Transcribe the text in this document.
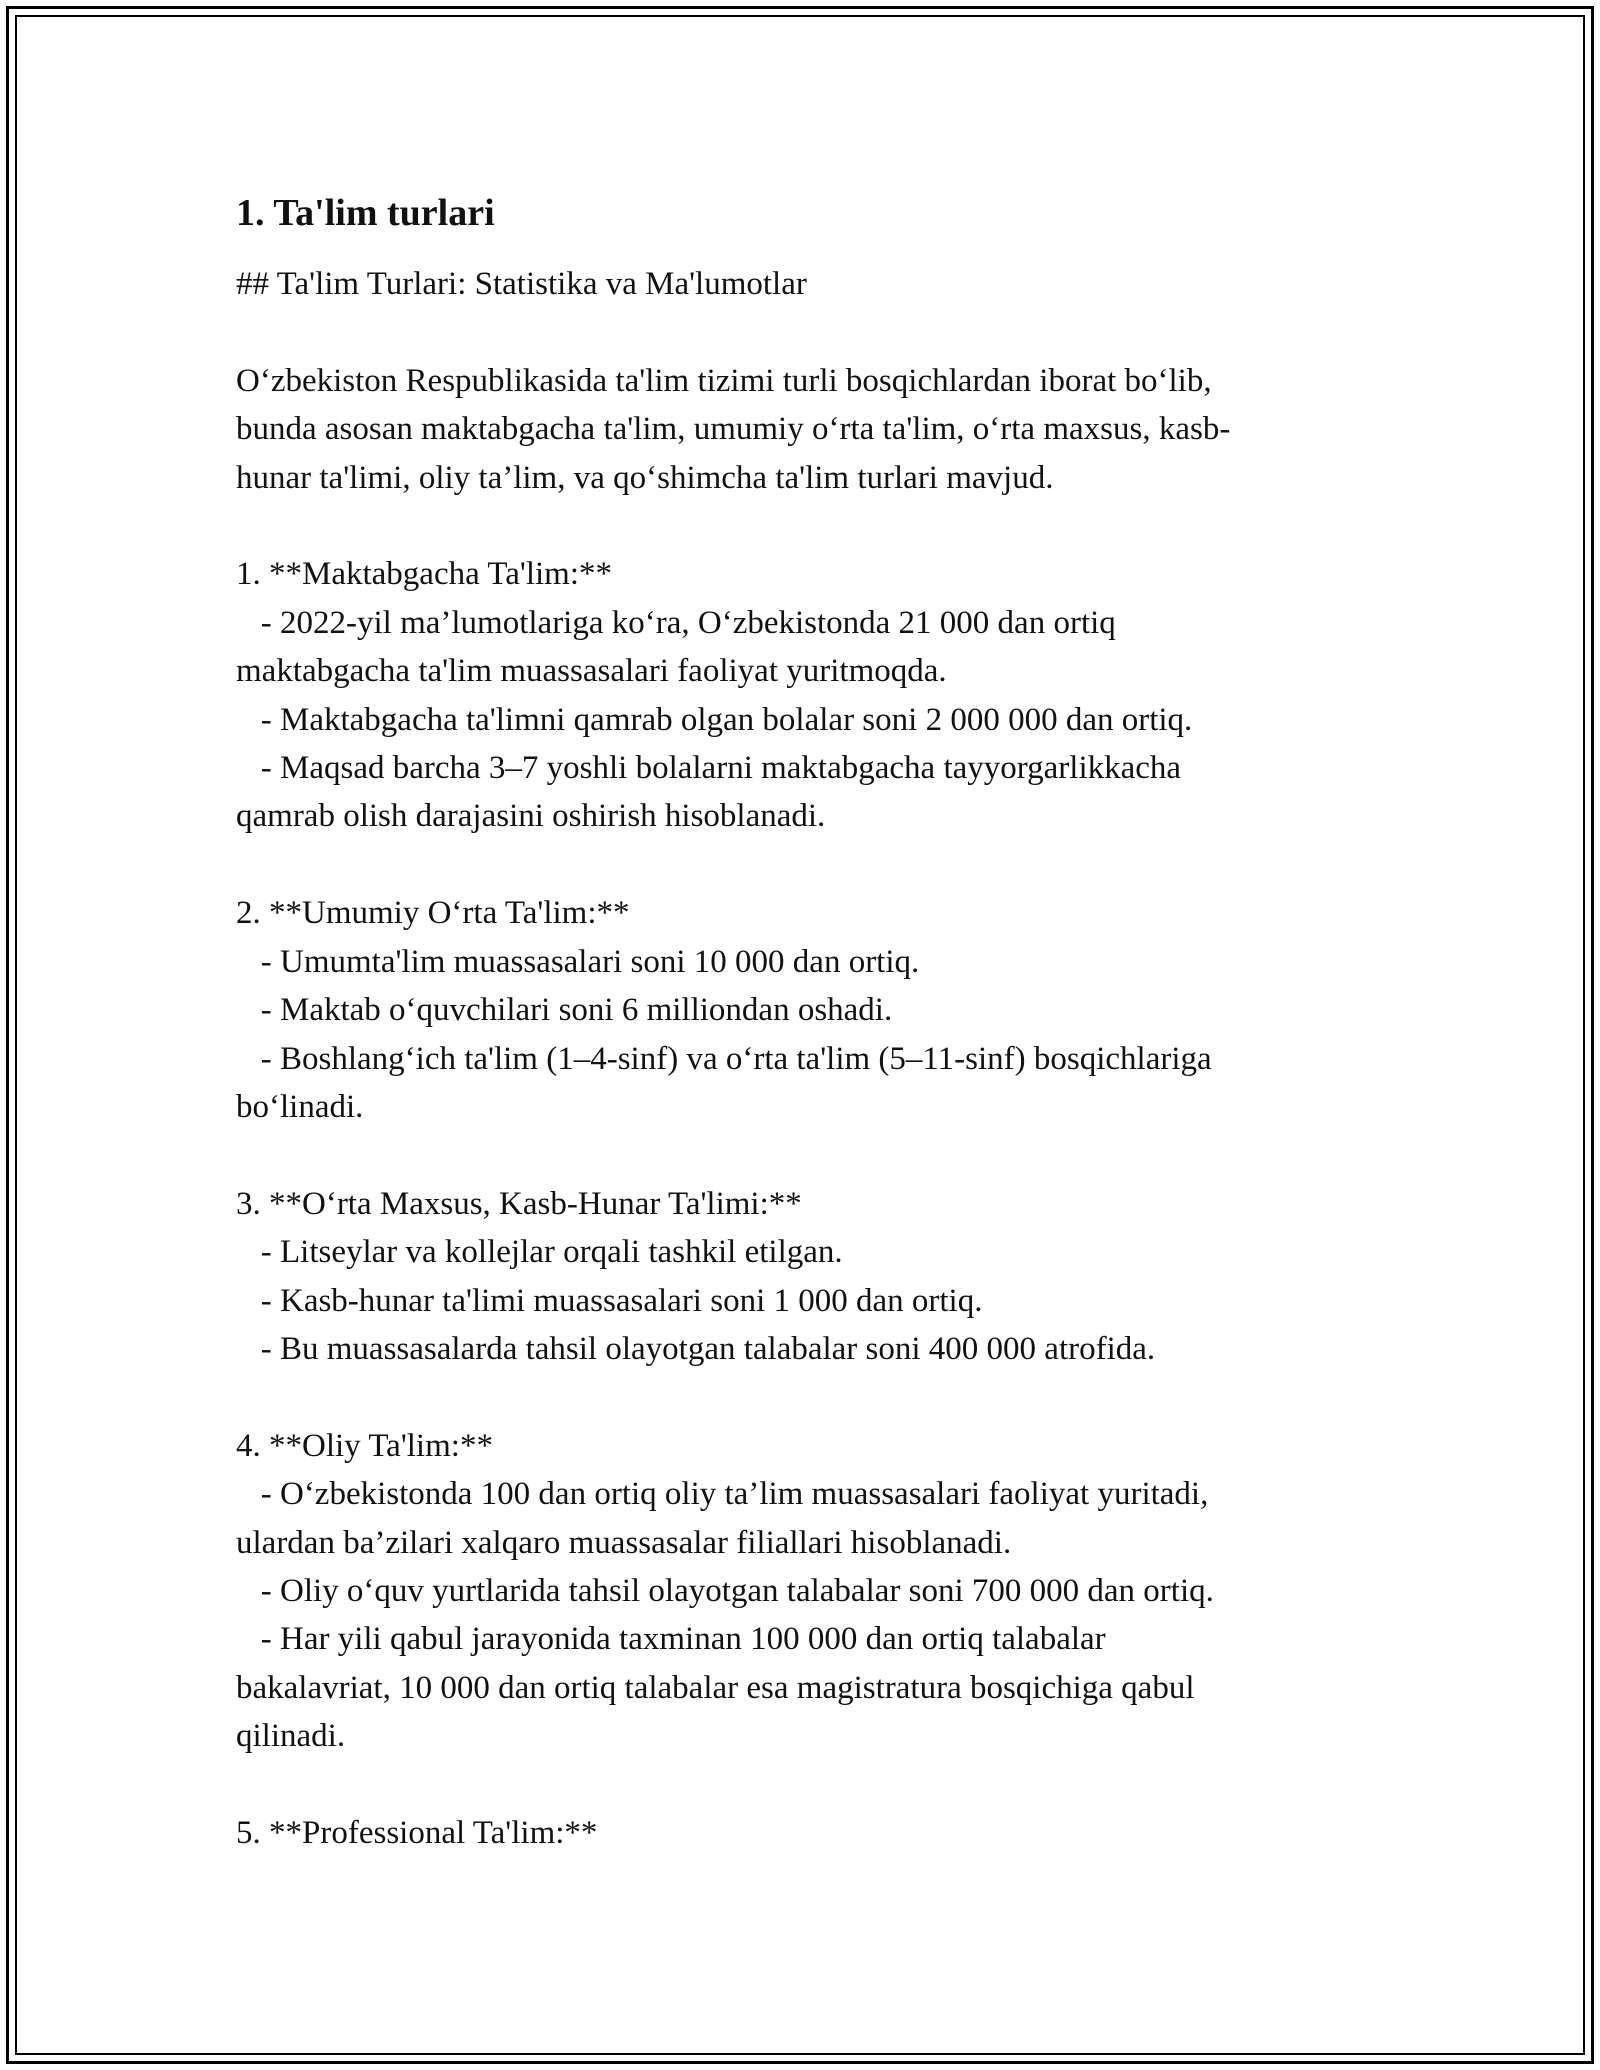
1. Ta'lim turlari

## Ta'lim Turlari: Statistika va Ma'lumotlar

O‘zbekiston Respublikasida ta'lim tizimi turli bosqichlardan iborat bo‘lib,
bunda asosan maktabgacha ta'lim, umumiy o‘rta ta'lim, o‘rta maxsus, kasb-
hunar ta'limi, oliy ta’lim, va qo‘shimcha ta'lim turlari mavjud.

1. **Maktabgacha Ta'lim:**
- 2022-yil ma’lumotlariga ko‘ra, O‘zbekistonda 21 000 dan ortiq
maktabgacha ta'lim muassasalari faoliyat yuritmoqda.
- Maktabgacha ta'limni qamrab olgan bolalar soni 2 000 000 dan ortiq.
- Maqsad barcha 3–7 yoshli bolalarni maktabgacha tayyorgarlikkacha
qamrab olish darajasini oshirish hisoblanadi.

2. **Umumiy O‘rta Ta'lim:**
- Umumta'lim muassasalari soni 10 000 dan ortiq.
- Maktab o‘quvchilari soni 6 milliondan oshadi.
- Boshlang‘ich ta'lim (1–4-sinf) va o‘rta ta'lim (5–11-sinf) bosqichlariga
bo‘linadi.

3. **O‘rta Maxsus, Kasb-Hunar Ta'limi:**
- Litseylar va kollejlar orqali tashkil etilgan.
- Kasb-hunar ta'limi muassasalari soni 1 000 dan ortiq.
- Bu muassasalarda tahsil olayotgan talabalar soni 400 000 atrofida.

4. **Oliy Ta'lim:**
- O‘zbekistonda 100 dan ortiq oliy ta’lim muassasalari faoliyat yuritadi,
ulardan ba’zilari xalqaro muassasalar filiallari hisoblanadi.
- Oliy o‘quv yurtlarida tahsil olayotgan talabalar soni 700 000 dan ortiq.
- Har yili qabul jarayonida taxminan 100 000 dan ortiq talabalar
bakalavriat, 10 000 dan ortiq talabalar esa magistratura bosqichiga qabul
qilinadi.

5. **Professional Ta'lim:**
